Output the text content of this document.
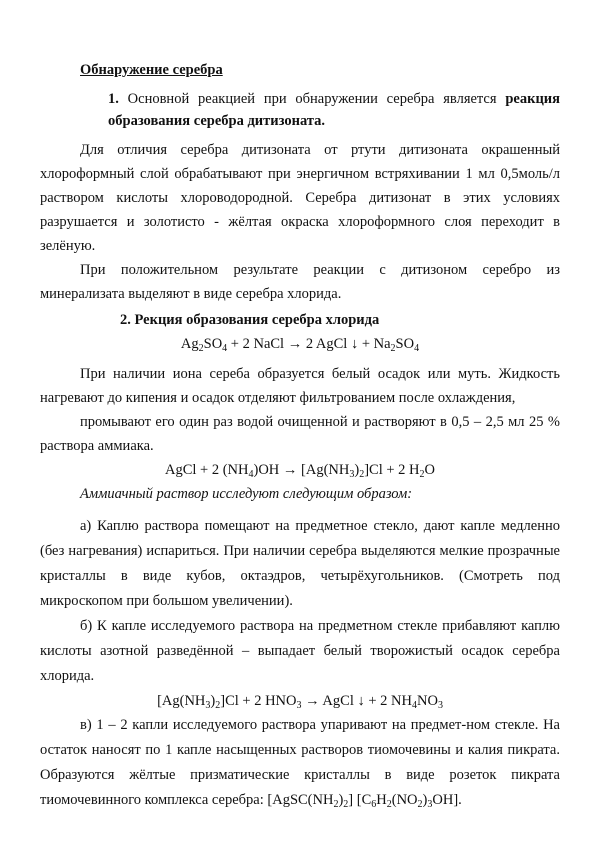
Обнаружение серебра

1. Основной реакцией при обнаружении серебра является реакция образования серебра дитизоната.

Для отличия серебра дитизоната от ртути дитизоната окрашенный хлороформный слой обрабатывают при энергичном встряхивании 1 мл 0,5моль/л раствором кислоты хлороводородной. Серебра дитизонат в этих условиях разрушается и золотисто - жёлтая окраска хлороформного слоя переходит в зелёную.

При положительном результате реакции с дитизоном серебро из минерализата выделяют в виде серебра хлорида.

2. Рекция образования серебра хлорида

$Ag_2SO_4 + 2$ NaCl → 2 AgCl ↓ + $Na_2SO_4$

При наличии иона сереба образуется белый осадок или муть. Жидкость нагревают до кипения и осадок отделяют фильтрованием после охлаждения,

промывают его один раз водой очищенной и растворяют в 0,5 – 2,5 мл 25 % раствора аммиака.

AgCl + 2 $(NH_4)OH \to [Ag(NH_3)_2]Cl + 2$ $H_2O$

Аммиачный раствор исследуют следующим образом:

а) Каплю раствора помещают на предметное стекло, дают капле медленно (без нагревания) испариться. При наличии серебра выделяются мелкие прозрачные кристаллы в виде кубов, октаэдров, четырёхугольников. (Смотреть под микроскопом при большом увеличении).

б) К капле исследуемого раствора на предметном стекле прибавляют каплю кислоты азотной разведённой – выпадает белый творожистый осадок серебра хлорида.

$[Ag(NH_3)_2]Cl + 2$ $HNO_3$ → AgCl ↓ + 2 $NH_4NO_3$

в) 1 – 2 капли исследуемого раствора упаривают на предмет-ном стекле. На остаток наносят по 1 капле насыщенных растворов тиомочевины и калия пикрата. Образуются жёлтые призматические кристаллы в виде розеток пикрата тиомочевинного комплекса серебра: $[AgSC(NH_2)_2]$ $[C_6H_2(NO_2)_3OH]$.
